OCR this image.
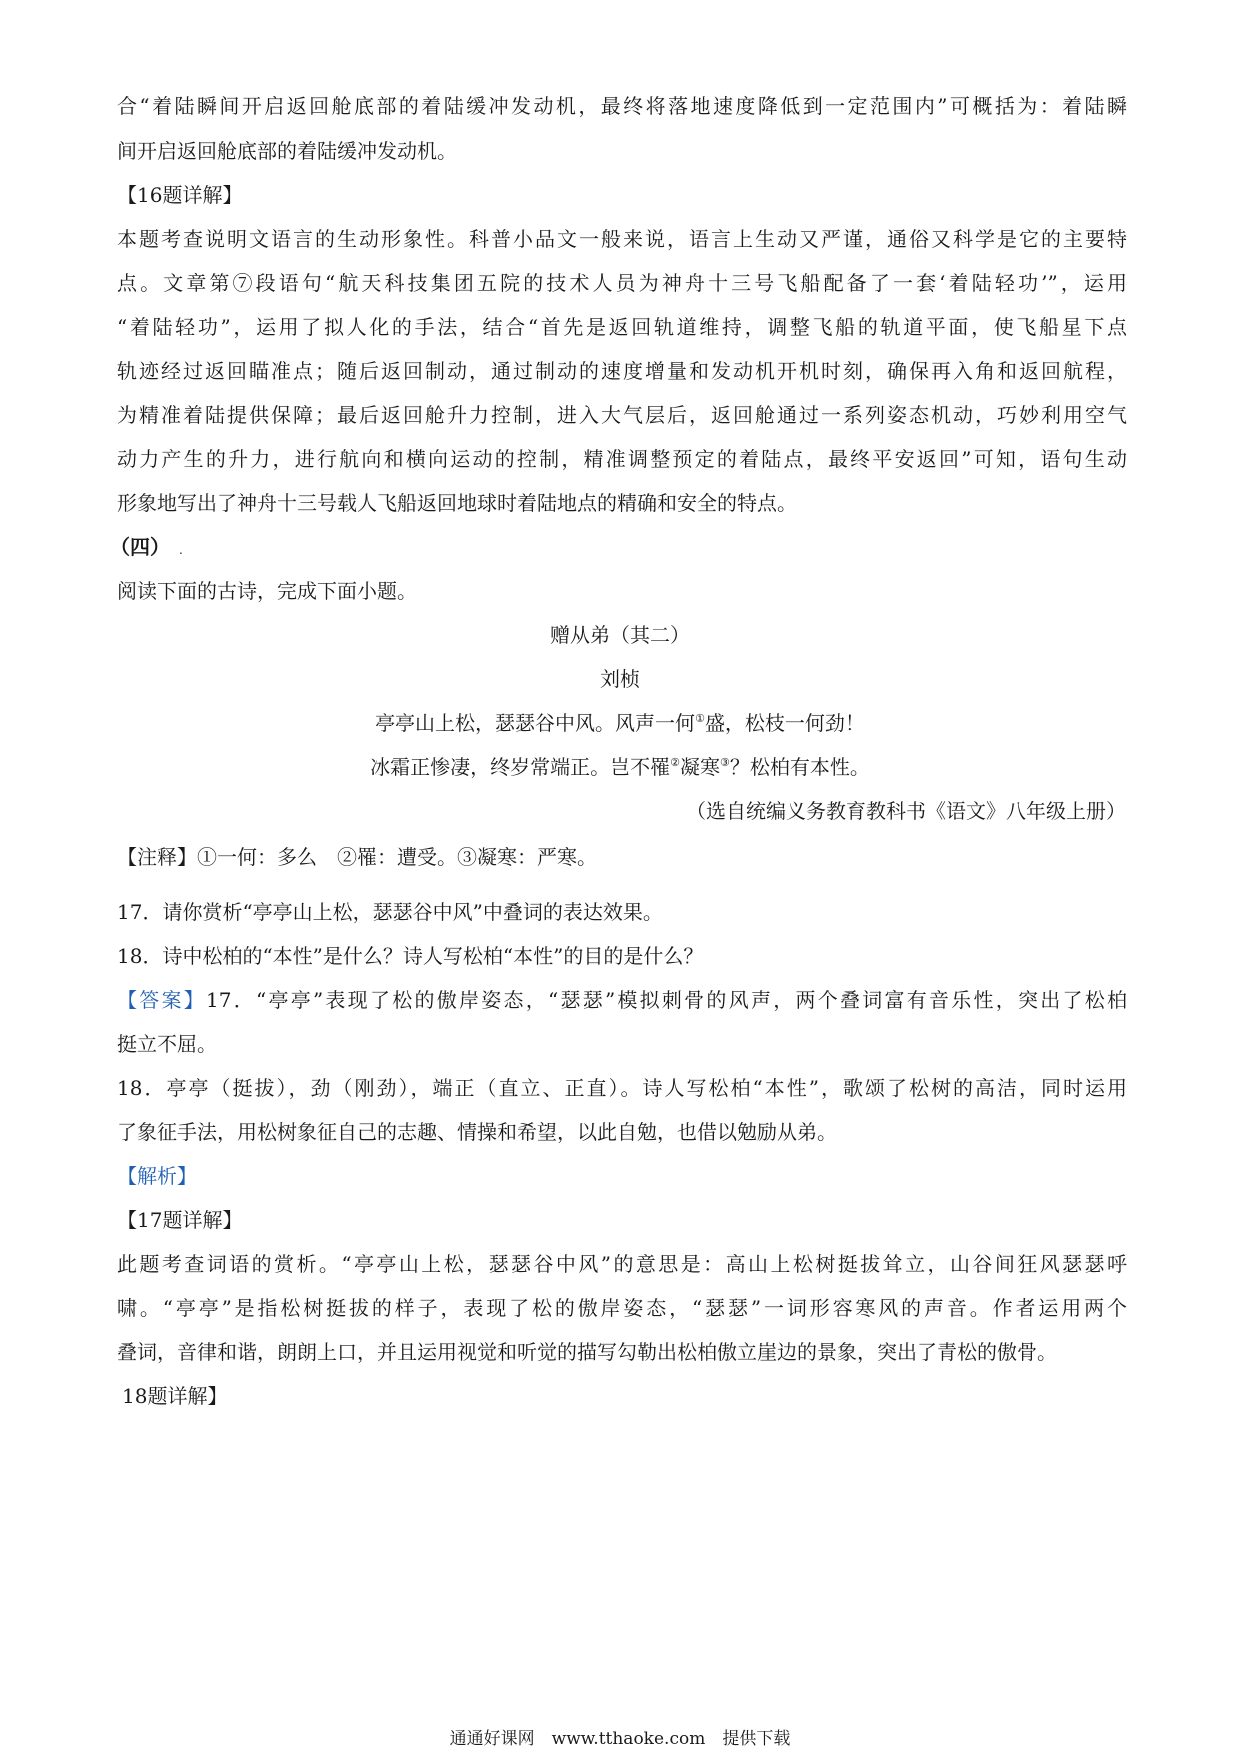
合“着陆瞬间开启返回舱底部的着陆缓冲发动机，最终将落地速度降低到一定范围内”可概括为：着陆瞬
间开启返回舱底部的着陆缓冲发动机。
【16题详解】
本题考查说明文语言的生动形象性。科普小品文一般来说，语言上生动又严谨，通俗又科学是它的主要特
点。文章第⑦段语句“航天科技集团五院的技术人员为神舟十三号飞船配备了一套‘着陆轻功’”，运用
“着陆轻功”，运用了拟人化的手法，结合“首先是返回轨道维持，调整飞船的轨道平面，使飞船星下点
轨迹经过返回瞄准点；随后返回制动，通过制动的速度增量和发动机开机时刻，确保再入角和返回航程，
为精准着陆提供保障；最后返回舱升力控制，进入大气层后，返回舱通过一系列姿态机动，巧妙利用空气
动力产生的升力，进行航向和横向运动的控制，精准调整预定的着陆点，最终平安返回”可知，语句生动
形象地写出了神舟十三号载人飞船返回地球时着陆地点的精确和安全的特点。
（四） .
阅读下面的古诗，完成下面小题。
赠从弟（其二）
刘桢
亭亭山上松，瑟瑟谷中风。风声一何①盛，松枝一何劲！
冰霜正惨凄，终岁常端正。岂不罹②凝寒③？松柏有本性。
（选自统编义务教育教科书《语文》八年级上册）
【注释】①一何：多么　②罹：遭受。③凝寒：严寒。
17．请你赏析“亭亭山上松，瑟瑟谷中风”中叠词的表达效果。
18．诗中松柏的“本性”是什么？诗人写松柏“本性”的目的是什么？
【答案】17．“亭亭”表现了松的傲岸姿态，“瑟瑟”模拟刺骨的风声，两个叠词富有音乐性，突出了松柏
挺立不屈。
18．亭亭（挺拔），劲（刚劲），端正（直立、正直）。诗人写松柏“本性”，歌颂了松树的高洁，同时运用
了象征手法，用松树象征自己的志趣、情操和希望，以此自勉，也借以勉励从弟。
【解析】
【17题详解】
此题考查词语的赏析。“亭亭山上松，瑟瑟谷中风”的意思是：高山上松树挺拔耸立，山谷间狂风瑟瑟呼
啸。“亭亭”是指松树挺拔的样子，表现了松的傲岸姿态，“瑟瑟”一词形容寒风的声音。作者运用两个
叠词，音律和谐，朗朗上口，并且运用视觉和听觉的描写勾勒出松柏傲立崖边的景象，突出了青松的傲骨。
18题详解】
通通好课网　www.tthaoke.com　提供下载
